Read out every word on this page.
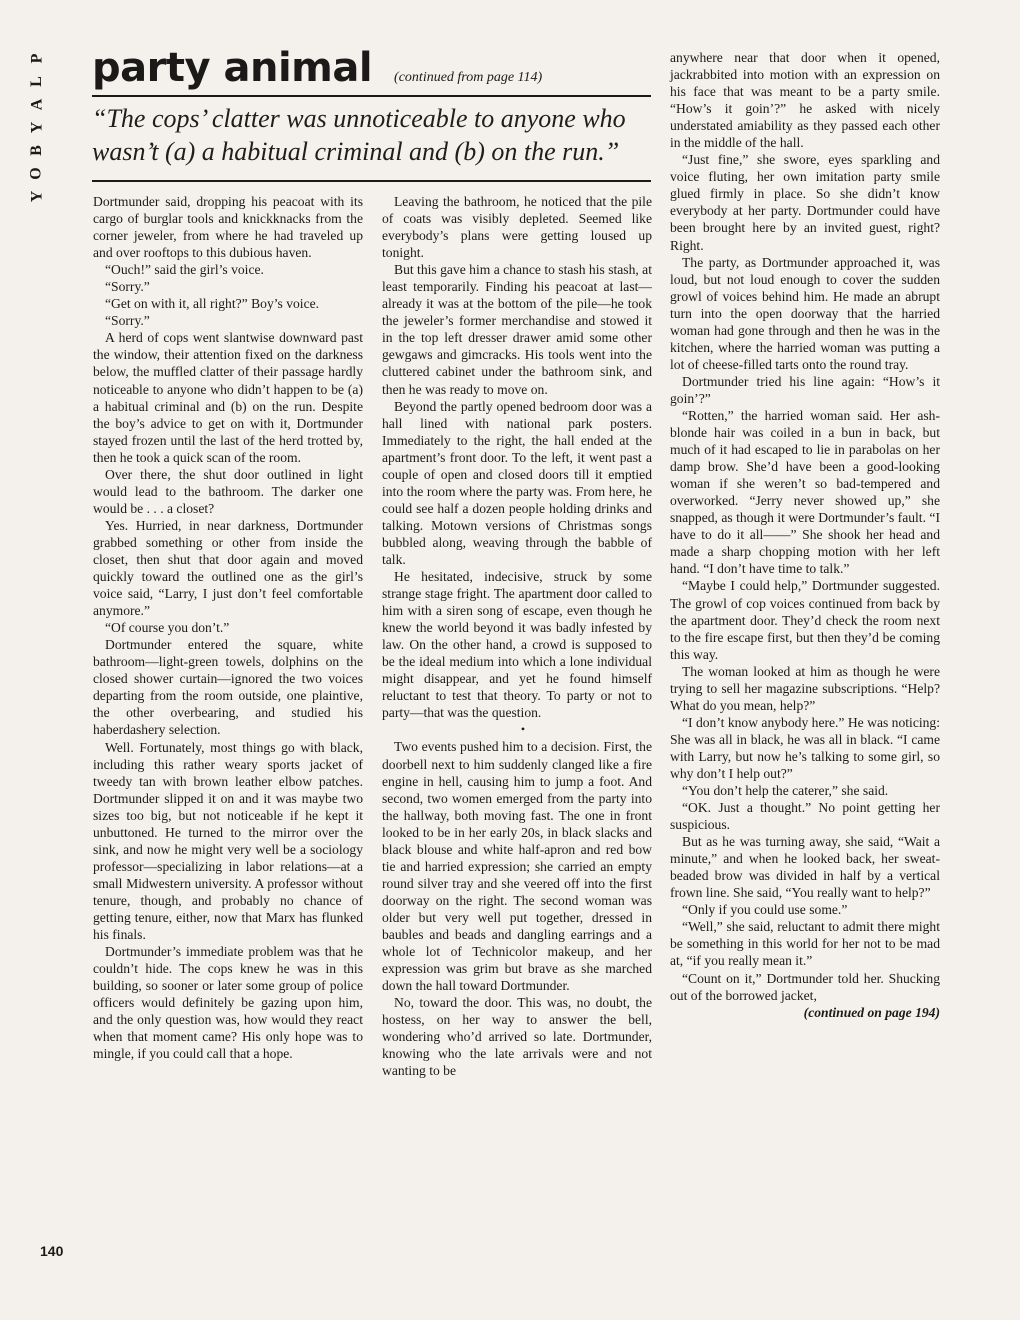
P
L
A
Y
B
O
Y
party animal (continued from page 114)
“The cops’ clatter was unnoticeable to anyone who wasn’t (a) a habitual criminal and (b) on the run.”

Dortmunder said, dropping his peacoat with its cargo of burglar tools and knickknacks from the corner jeweler, from where he had traveled up and over rooftops to this dubious haven.

“Ouch!” said the girl’s voice.

“Sorry.”

“Get on with it, all right?” Boy’s voice.

“Sorry.”

A herd of cops went slantwise downward past the window, their attention fixed on the darkness below, the muffled clatter of their passage hardly noticeable to anyone who didn’t happen to be (a) a habitual criminal and (b) on the run. Despite the boy’s advice to get on with it, Dortmunder stayed frozen until the last of the herd trotted by, then he took a quick scan of the room.

Over there, the shut door outlined in light would lead to the bathroom. The darker one would be . . . a closet?

Yes. Hurried, in near darkness, Dortmunder grabbed something or other from inside the closet, then shut that door again and moved quickly toward the outlined one as the girl’s voice said, “Larry, I just don’t feel comfortable anymore.”

“Of course you don’t.”

Dortmunder entered the square, white bathroom—light-green towels, dolphins on the closed shower curtain—ignored the two voices departing from the room outside, one plaintive, the other overbearing, and studied his haberdashery selection.

Well. Fortunately, most things go with black, including this rather weary sports jacket of tweedy tan with brown leather elbow patches. Dortmunder slipped it on and it was maybe two sizes too big, but not noticeable if he kept it unbuttoned. He turned to the mirror over the sink, and now he might very well be a sociology professor—specializing in labor relations—at a small Midwestern university. A professor without tenure, though, and probably no chance of getting tenure, either, now that Marx has flunked his finals.

Dortmunder’s immediate problem was that he couldn’t hide. The cops knew he was in this building, so sooner or later some group of police officers would definitely be gazing upon him, and the only question was, how would they react when that moment came? His only hope was to mingle, if you could call that a hope.

Leaving the bathroom, he noticed that the pile of coats was visibly depleted. Seemed like everybody’s plans were getting loused up tonight.

But this gave him a chance to stash his stash, at least temporarily. Finding his peacoat at last—already it was at the bottom of the pile—he took the jeweler’s former merchandise and stowed it in the top left dresser drawer amid some other gewgaws and gimcracks. His tools went into the cluttered cabinet under the bathroom sink, and then he was ready to move on.

Beyond the partly opened bedroom door was a hall lined with national park posters. Immediately to the right, the hall ended at the apartment’s front door. To the left, it went past a couple of open and closed doors till it emptied into the room where the party was. From here, he could see half a dozen people holding drinks and talking. Motown versions of Christmas songs bubbled along, weaving through the babble of talk.

He hesitated, indecisive, struck by some strange stage fright. The apartment door called to him with a siren song of escape, even though he knew the world beyond it was badly infested by law. On the other hand, a crowd is supposed to be the ideal medium into which a lone individual might disappear, and yet he found himself reluctant to test that theory. To party or not to party—that was the question.

•

Two events pushed him to a decision. First, the doorbell next to him suddenly clanged like a fire engine in hell, causing him to jump a foot. And second, two women emerged from the party into the hallway, both moving fast. The one in front looked to be in her early 20s, in black slacks and black blouse and white half-apron and red bow tie and harried expression; she carried an empty round silver tray and she veered off into the first doorway on the right. The second woman was older but very well put together, dressed in baubles and beads and dangling earrings and a whole lot of Technicolor makeup, and her expression was grim but brave as she marched down the hall toward Dortmunder.

No, toward the door. This was, no doubt, the hostess, on her way to answer the bell, wondering who’d arrived so late. Dortmunder, knowing who the late arrivals were and not wanting to be

anywhere near that door when it opened, jackrabbited into motion with an expression on his face that was meant to be a party smile. “How’s it goin’?” he asked with nicely understated amiability as they passed each other in the middle of the hall.

“Just fine,” she swore, eyes sparkling and voice fluting, her own imitation party smile glued firmly in place. So she didn’t know everybody at her party. Dortmunder could have been brought here by an invited guest, right? Right.

The party, as Dortmunder approached it, was loud, but not loud enough to cover the sudden growl of voices behind him. He made an abrupt turn into the open doorway that the harried woman had gone through and then he was in the kitchen, where the harried woman was putting a lot of cheese-filled tarts onto the round tray.

Dortmunder tried his line again: “How’s it goin’?”

“Rotten,” the harried woman said. Her ash-blonde hair was coiled in a bun in back, but much of it had escaped to lie in parabolas on her damp brow. She’d have been a good-looking woman if she weren’t so bad-tempered and overworked. “Jerry never showed up,” she snapped, as though it were Dortmunder’s fault. “I have to do it all——” She shook her head and made a sharp chopping motion with her left hand. “I don’t have time to talk.”

“Maybe I could help,” Dortmunder suggested. The growl of cop voices continued from back by the apartment door. They’d check the room next to the fire escape first, but then they’d be coming this way.

The woman looked at him as though he were trying to sell her magazine subscriptions. “Help? What do you mean, help?”

“I don’t know anybody here.” He was noticing: She was all in black, he was all in black. “I came with Larry, but now he’s talking to some girl, so why don’t I help out?”

“You don’t help the caterer,” she said.

“OK. Just a thought.” No point getting her suspicious.

But as he was turning away, she said, “Wait a minute,” and when he looked back, her sweat-beaded brow was divided in half by a vertical frown line. She said, “You really want to help?”

“Only if you could use some.”

“Well,” she said, reluctant to admit there might be something in this world for her not to be mad at, “if you really mean it.”

“Count on it,” Dortmunder told her. Shucking out of the borrowed jacket,

(continued on page 194)

140
